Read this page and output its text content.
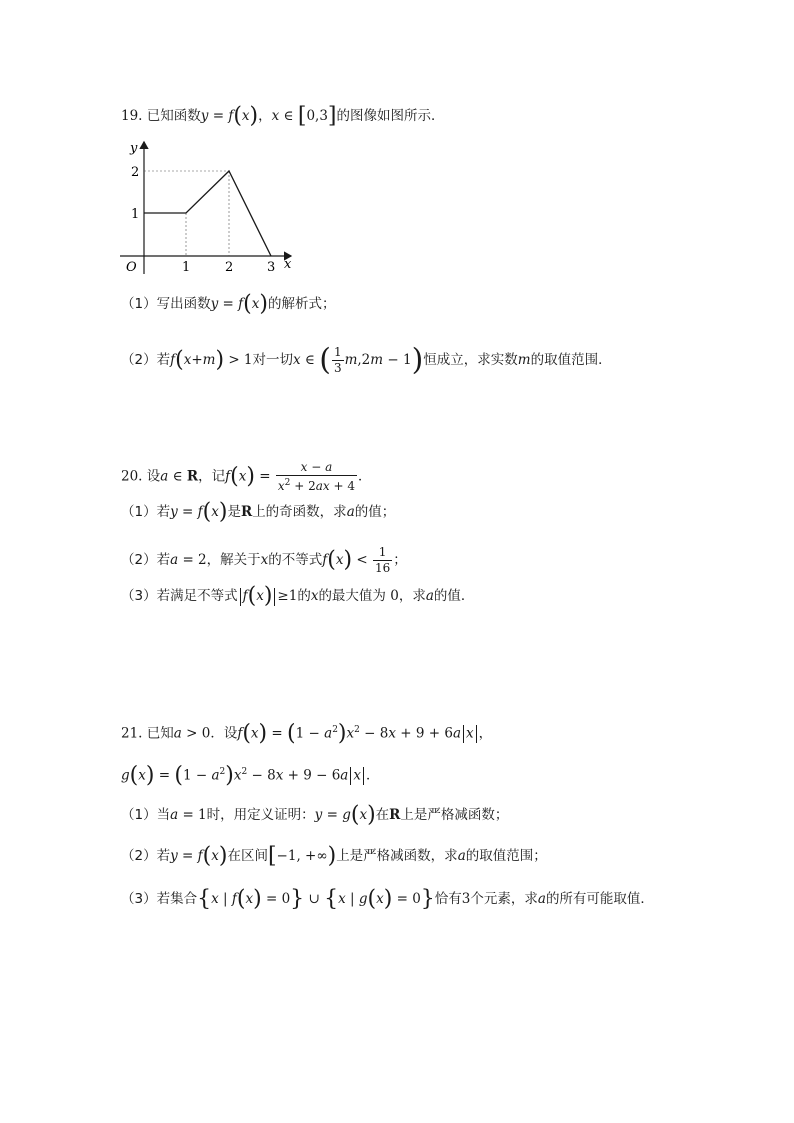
19. 已知函数y = f(x)，x ∈ [0,3]的图像如图所示．
y
x
O	1	2	3
1
2
（1）写出函数y = f(x)的解析式；
（2）若f(x+m) > 1对一切x ∈ ( $\frac{1}{3} m,2m - 1$)恒成立，求实数m的取值范围．
20. 设a ∈ R，记$f(x) = \frac{x - a}{x^2 + 2ax + 4}$ ．
（1）若y = f(x)是R上的奇函数，求a的值；
（2）若a = 2，解关于x的不等式$f(x) < \frac{1}{16}$ ；
（3）若满足不等式 f(x) ≥1的x的最大值为 0，求a的值．
21. 已知a > 0．设$f(x) = (1 - a^2)x^2 - 8x + 9 + 6a$ x ，
$g(x) = (1 - a^2)x^2 - 8x + 9 - 6a$ x ．
（1）当a = 1时，用定义证明：y = g(x)在R上是严格减函数；
（2）若y = f(x)在区间[−1, +∞)上是严格减函数，求a的取值范围；
（3）若集合{x | f(x) = 0} ∪ {x | g(x) = 0}恰有3个元素，求a的所有可能取值．
